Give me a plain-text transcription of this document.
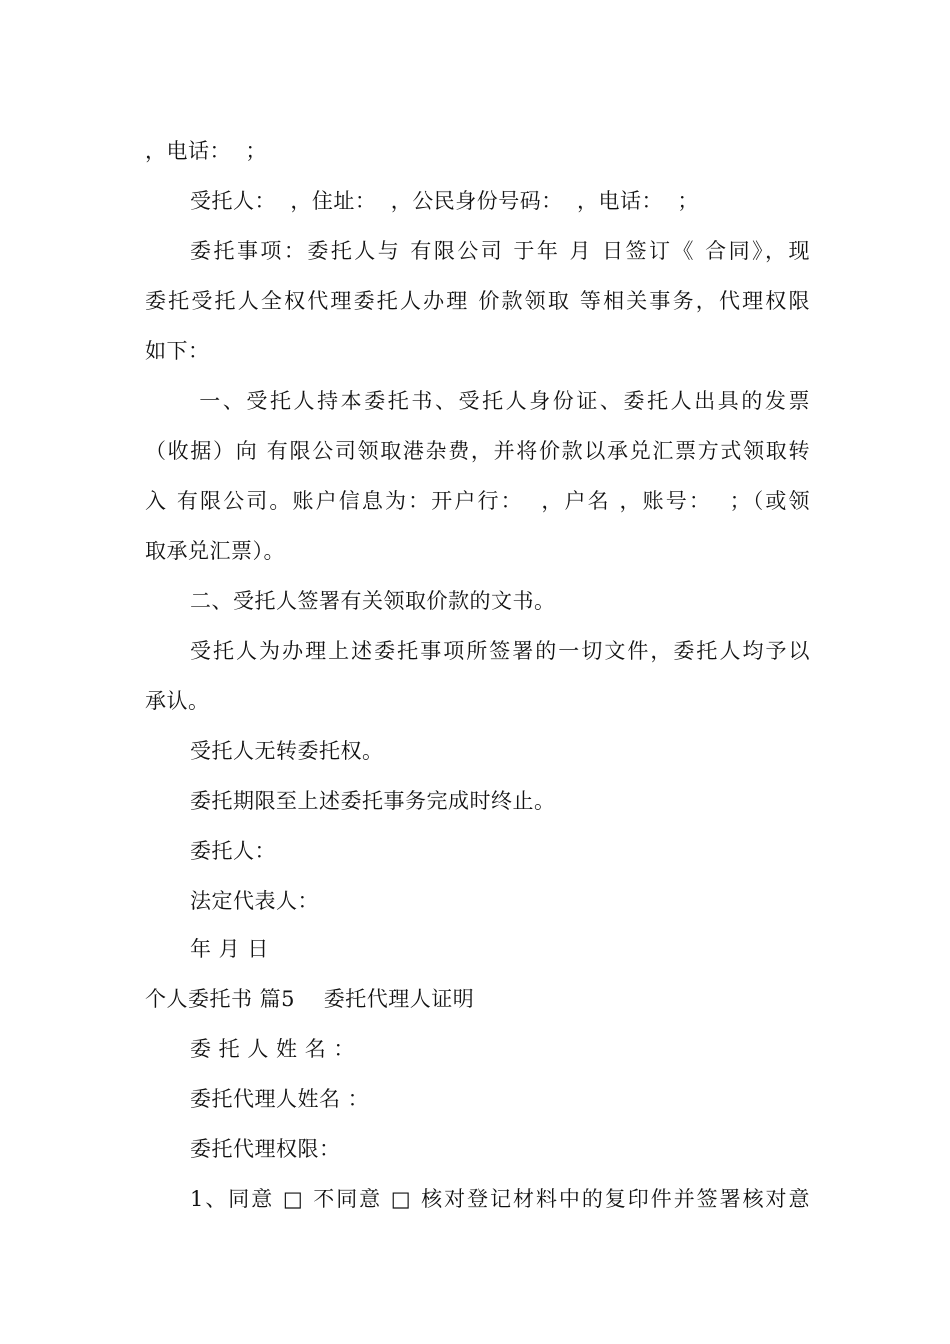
，电话：  ；
受托人：  ，住址：  ，公民身份号码：  ，电话：  ；
委托事项：委托人与 有限公司 于年 月 日签订《 合同》，现
委托受托人全权代理委托人办理 价款领取 等相关事务，代理权限
如下：
一、受托人持本委托书、受托人身份证、委托人出具的发票
（收据）向 有限公司领取港杂费，并将价款以承兑汇票方式领取转
入 有限公司。账户信息为：开户行：  ，户名 ，账号：  ；（或领
取承兑汇票）。
二、受托人签署有关领取价款的文书。
受托人为办理上述委托事项所签署的一切文件，委托人均予以
承认。
受托人无转委托权。
委托期限至上述委托事务完成时终止。
委托人：
法定代表人：
年 月 日
个人委托书 篇5    委托代理人证明
委 托 人 姓 名 ：
委托代理人姓名 ：
委托代理权限：
1、同意 □ 不同意 □ 核对登记材料中的复印件并签署核对意
